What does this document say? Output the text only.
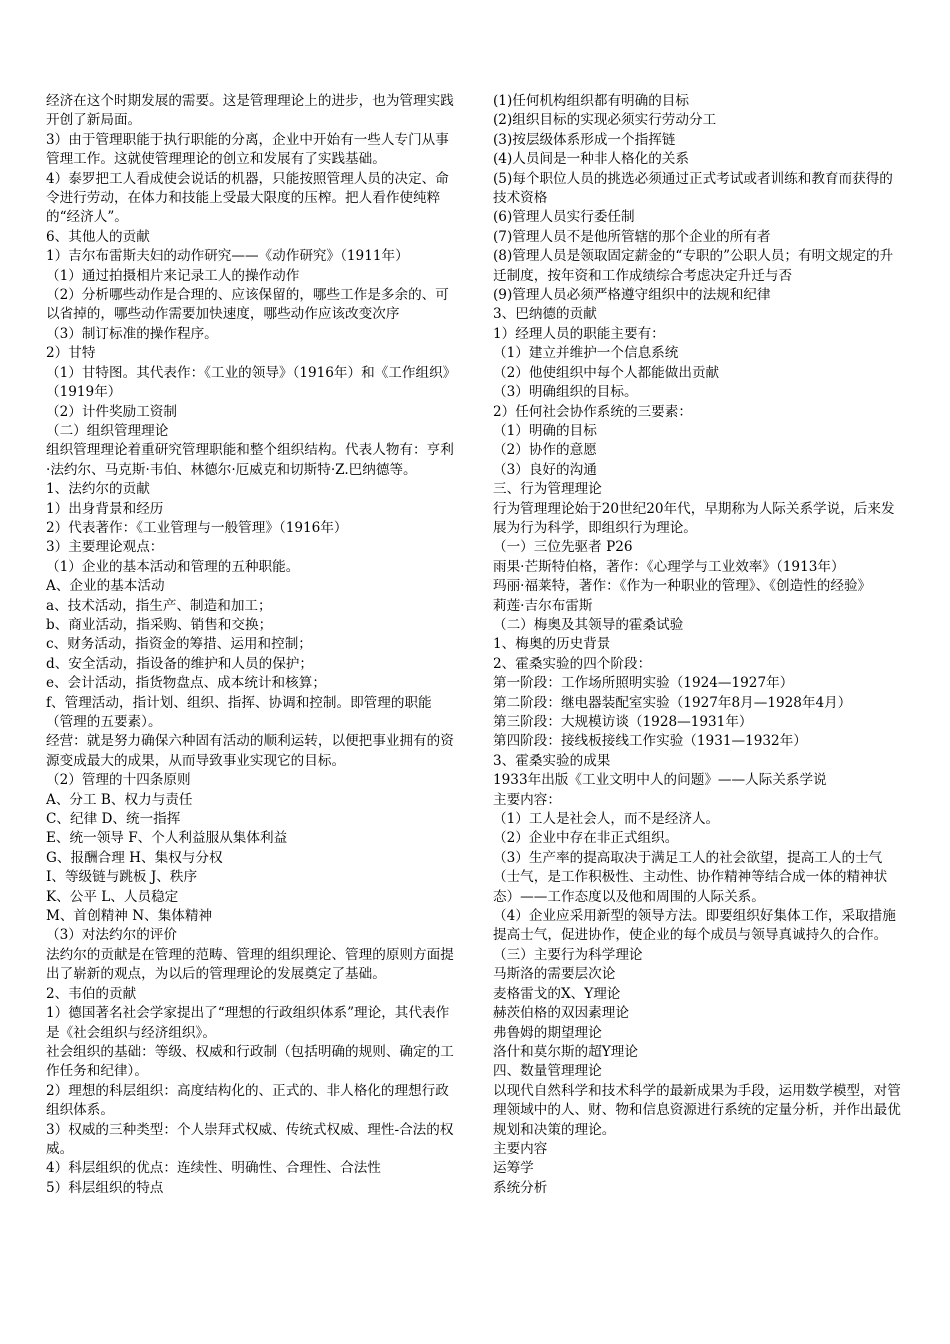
经济在这个时期发展的需要。这是管理理论上的进步，也为管理实践开创了新局面。

3）由于管理职能于执行职能的分离，企业中开始有一些人专门从事管理工作。这就使管理理论的创立和发展有了实践基础。

4）泰罗把工人看成使会说话的机器，只能按照管理人员的决定、命令进行劳动，在体力和技能上受最大限度的压榨。把人看作使纯粹的“经济人”。

6、其他人的贡献

1）吉尔布雷斯夫妇的动作研究——《动作研究》（1911年）

（1）通过拍摄相片来记录工人的操作动作

（2）分析哪些动作是合理的、应该保留的，哪些工作是多余的、可以省掉的，哪些动作需要加快速度，哪些动作应该改变次序

（3）制订标准的操作程序。

2）甘特

（1）甘特图。其代表作：《工业的领导》（1916年）和《工作组织》（1919年）

（2）计件奖励工资制

（二）组织管理理论

组织管理理论着重研究管理职能和整个组织结构。代表人物有：亨利·法约尔、马克斯·韦伯、林德尔·厄威克和切斯特·Z.巴纳德等。

1、法约尔的贡献

1）出身背景和经历

2）代表著作：《工业管理与一般管理》（1916年）

3）主要理论观点：

（1）企业的基本活动和管理的五种职能。

A、企业的基本活动

a、技术活动，指生产、制造和加工；

b、商业活动，指采购、销售和交换；

c、财务活动，指资金的筹措、运用和控制；

d、安全活动，指设备的维护和人员的保护；

e、会计活动，指货物盘点、成本统计和核算；

f、管理活动，指计划、组织、指挥、协调和控制。即管理的职能（管理的五要素）。

经营：就是努力确保六种固有活动的顺利运转，以便把事业拥有的资源变成最大的成果，从而导致事业实现它的目标。

（2）管理的十四条原则

A、分工 B、权力与责任

C、纪律 D、统一指挥

E、统一领导 F、个人利益服从集体利益

G、报酬合理 H、集权与分权

I、等级链与跳板 J、秩序

K、公平 L、人员稳定

M、首创精神 N、集体精神

（3）对法约尔的评价

法约尔的贡献是在管理的范畴、管理的组织理论、管理的原则方面提出了崭新的观点，为以后的管理理论的发展奠定了基础。

2、韦伯的贡献

1）德国著名社会学家提出了“理想的行政组织体系”理论，其代表作是《社会组织与经济组织》。

社会组织的基础：等级、权威和行政制（包括明确的规则、确定的工作任务和纪律）。

2）理想的科层组织：高度结构化的、正式的、非人格化的理想行政组织体系。

3）权威的三种类型：个人崇拜式权威、传统式权威、理性-合法的权威。

4）科层组织的优点：连续性、明确性、合理性、合法性

5）科层组织的特点

(1)任何机构组织都有明确的目标

(2)组织目标的实现必须实行劳动分工

(3)按层级体系形成一个指挥链

(4)人员间是一种非人格化的关系

(5)每个职位人员的挑选必须通过正式考试或者训练和教育而获得的技术资格

(6)管理人员实行委任制

(7)管理人员不是他所管辖的那个企业的所有者

(8)管理人员是领取固定薪金的“专职的”公职人员；有明文规定的升迁制度，按年资和工作成绩综合考虑决定升迁与否

(9)管理人员必须严格遵守组织中的法规和纪律

3、巴纳德的贡献

1）经理人员的职能主要有：

（1）建立并维护一个信息系统

（2）他使组织中每个人都能做出贡献

（3）明确组织的目标。

2）任何社会协作系统的三要素：

（1）明确的目标

（2）协作的意愿

（3）良好的沟通

三、行为管理理论

行为管理理论始于20世纪20年代，早期称为人际关系学说，后来发展为行为科学，即组织行为理论。

（一）三位先驱者 P26

雨果·芒斯特伯格，著作：《心理学与工业效率》（1913年）

玛丽·福莱特，著作：《作为一种职业的管理》、《创造性的经验》

莉莲·吉尔布雷斯

（二）梅奥及其领导的霍桑试验

1、梅奥的历史背景

2、霍桑实验的四个阶段：

第一阶段：工作场所照明实验（1924—1927年）

第二阶段：继电器装配室实验（1927年8月—1928年4月）

第三阶段：大规模访谈（1928—1931年）

第四阶段：接线板接线工作实验（1931—1932年）

3、霍桑实验的成果

1933年出版《工业文明中人的问题》——人际关系学说

主要内容：

（1）工人是社会人，而不是经济人。

（2）企业中存在非正式组织。

（3）生产率的提高取决于满足工人的社会欲望，提高工人的士气（士气，是工作积极性、主动性、协作精神等结合成一体的精神状态）——工作态度以及他和周围的人际关系。

（4）企业应采用新型的领导方法。即要组织好集体工作，采取措施提高士气，促进协作，使企业的每个成员与领导真诚持久的合作。

（三）主要行为科学理论

马斯洛的需要层次论

麦格雷戈的X、Y理论

赫茨伯格的双因素理论

弗鲁姆的期望理论

洛什和莫尔斯的超Y理论

四、数量管理理论

以现代自然科学和技术科学的最新成果为手段，运用数学模型，对管理领域中的人、财、物和信息资源进行系统的定量分析，并作出最优规划和决策的理论。

主要内容

运筹学

系统分析
